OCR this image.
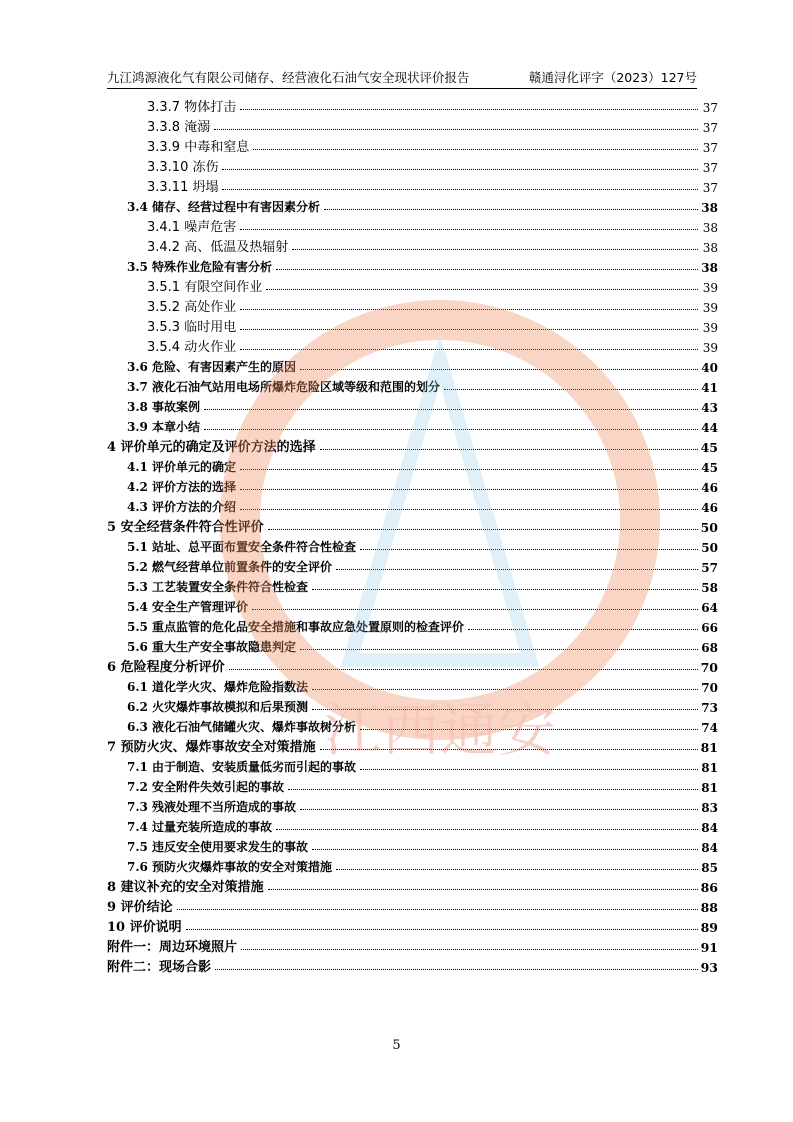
九江鸿源液化气有限公司储存、经营液化石油气安全现状评价报告	赣通浔化评字（2023）127号
3.3.7 物体打击	37
3.3.8 淹溺	37
3.3.9 中毒和窒息	37
3.3.10 冻伤	37
3.3.11 坍塌	37
3.4 储存、经营过程中有害因素分析	38
3.4.1 噪声危害	38
3.4.2 高、低温及热辐射	38
3.5 特殊作业危险有害分析	38
3.5.1 有限空间作业	39
3.5.2 高处作业	39
3.5.3 临时用电	39
3.5.4 动火作业	39
3.6 危险、有害因素产生的原因	40
3.7 液化石油气站用电场所爆炸危险区域等级和范围的划分	41
3.8 事故案例	43
3.9 本章小结	44
4 评价单元的确定及评价方法的选择	45
4.1 评价单元的确定	45
4.2 评价方法的选择	46
4.3 评价方法的介绍	46
5 安全经营条件符合性评价	50
5.1 站址、总平面布置安全条件符合性检查	50
5.2 燃气经营单位前置条件的安全评价	57
5.3 工艺装置安全条件符合性检查	58
5.4 安全生产管理评价	64
5.5 重点监管的危化品安全措施和事故应急处置原则的检查评价	66
5.6 重大生产安全事故隐患判定	68
6 危险程度分析评价	70
6.1 道化学火灾、爆炸危险指数法	70
6.2 火灾爆炸事故模拟和后果预测	73
6.3 液化石油气储罐火灾、爆炸事故树分析	74
7 预防火灾、爆炸事故安全对策措施	81
7.1 由于制造、安装质量低劣而引起的事故	81
7.2 安全附件失效引起的事故	81
7.3 残液处理不当所造成的事故	83
7.4 过量充装所造成的事故	84
7.5 违反安全使用要求发生的事故	84
7.6 预防火灾爆炸事故的安全对策措施	85
8 建议补充的安全对策措施	86
9 评价结论	88
10 评价说明	89
附件一：周边环境照片	91
附件二：现场合影	93
江西通安
5
